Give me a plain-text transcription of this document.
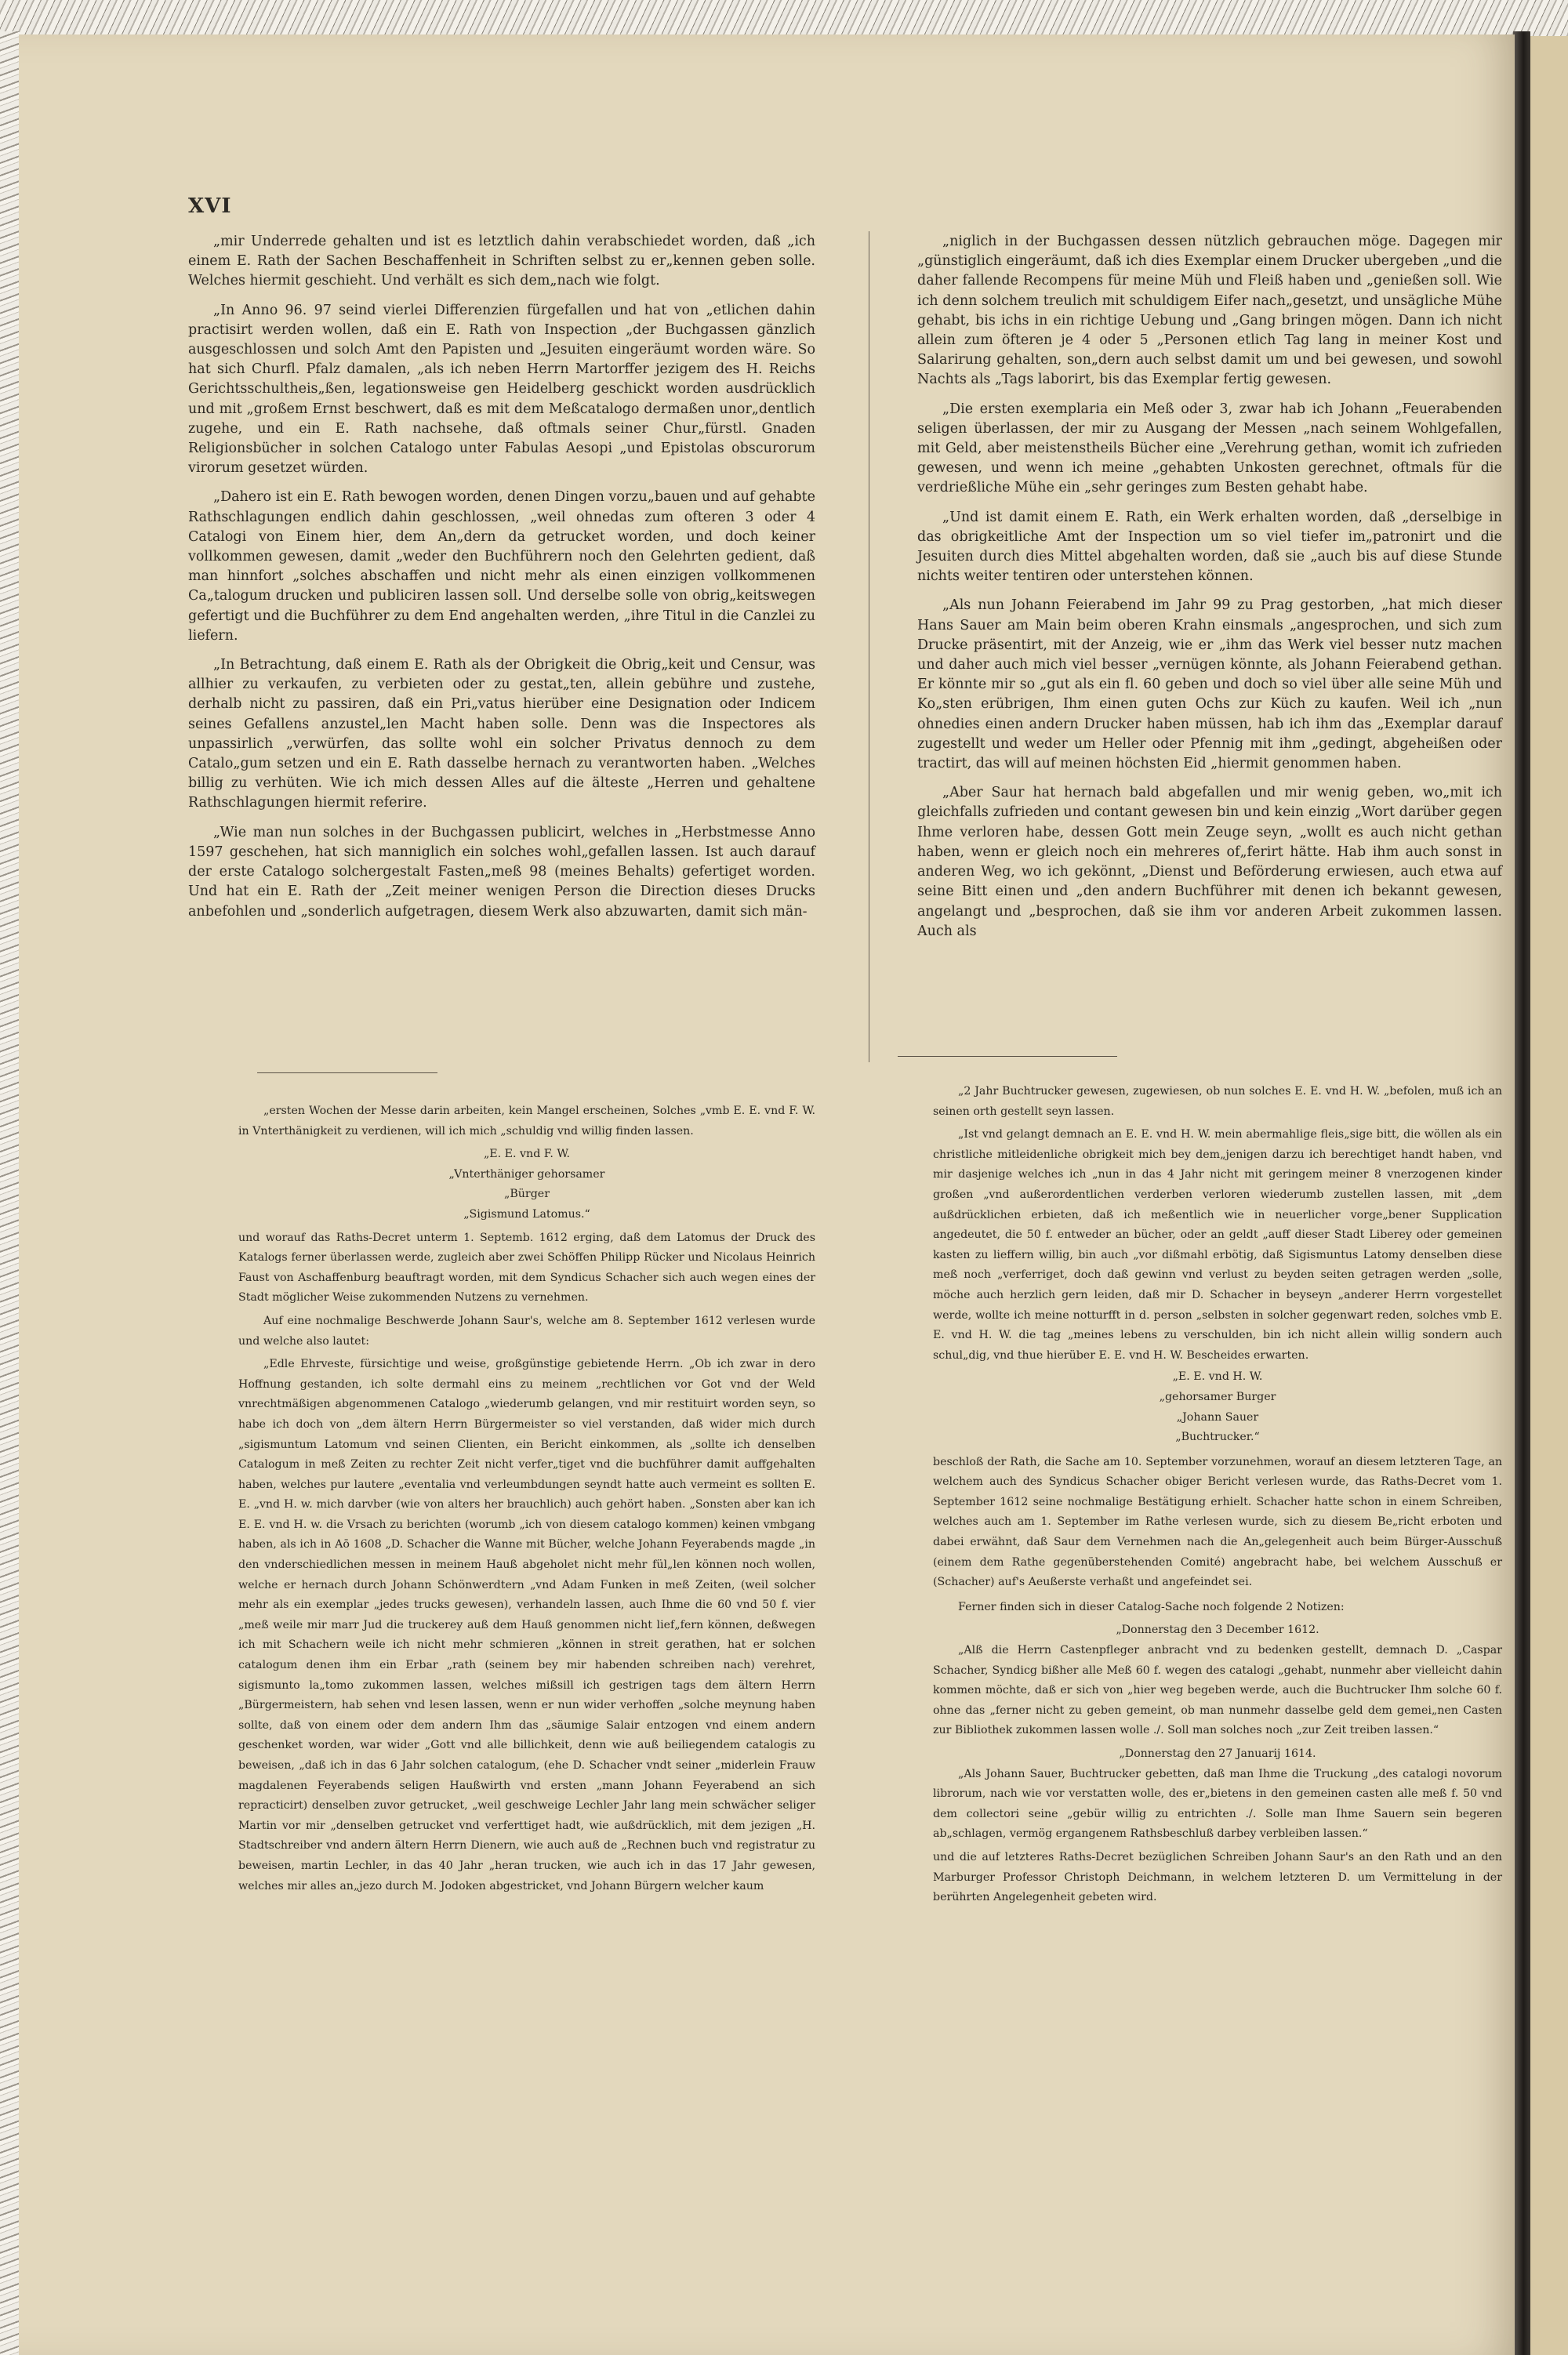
XVI

„mir Underrede gehalten und ist es letztlich dahin verabschiedet worden, daß „ich einem E. Rath der Sachen Beschaffenheit in Schriften selbst zu er„kennen geben solle. Welches hiermit geschieht. Und verhält es sich dem„nach wie folgt.

„In Anno 96. 97 seind vierlei Differenzien fürgefallen und hat von „etlichen dahin practisirt werden wollen, daß ein E. Rath von Inspection „der Buchgassen gänzlich ausgeschlossen und solch Amt den Papisten und „Jesuiten eingeräumt worden wäre. So hat sich Churfl. Pfalz damalen, „als ich neben Herrn Martorffer jezigem des H. Reichs Gerichtsschultheis„ßen, legationsweise gen Heidelberg geschickt worden ausdrücklich und mit „großem Ernst beschwert, daß es mit dem Meßcatalogo dermaßen unor„dentlich zugehe, und ein E. Rath nachsehe, daß oftmals seiner Chur„fürstl. Gnaden Religionsbücher in solchen Catalogo unter Fabulas Aesopi „und Epistolas obscurorum virorum gesetzet würden.

„Dahero ist ein E. Rath bewogen worden, denen Dingen vorzu„bauen und auf gehabte Rathschlagungen endlich dahin geschlossen, „weil ohnedas zum ofteren 3 oder 4 Catalogi von Einem hier, dem An„dern da getrucket worden, und doch keiner vollkommen gewesen, damit „weder den Buchführern noch den Gelehrten gedient, daß man hinnfort „solches abschaffen und nicht mehr als einen einzigen vollkommenen Ca„talogum drucken und publiciren lassen soll. Und derselbe solle von obrig„keitswegen gefertigt und die Buchführer zu dem End angehalten werden, „ihre Titul in die Canzlei zu liefern.

„In Betrachtung, daß einem E. Rath als der Obrigkeit die Obrig„keit und Censur, was allhier zu verkaufen, zu verbieten oder zu gestat„ten, allein gebühre und zustehe, derhalb nicht zu passiren, daß ein Pri„vatus hierüber eine Designation oder Indicem seines Gefallens anzustel„len Macht haben solle. Denn was die Inspectores als unpassirlich „verwürfen, das sollte wohl ein solcher Privatus dennoch zu dem Catalo„gum setzen und ein E. Rath dasselbe hernach zu verantworten haben. „Welches billig zu verhüten. Wie ich mich dessen Alles auf die älteste „Herren und gehaltene Rathschlagungen hiermit referire.

„Wie man nun solches in der Buchgassen publicirt, welches in „Herbstmesse Anno 1597 geschehen, hat sich manniglich ein solches wohl„gefallen lassen. Ist auch darauf der erste Catalogo solchergestalt Fasten„meß 98 (meines Behalts) gefertiget worden. Und hat ein E. Rath der „Zeit meiner wenigen Person die Direction dieses Drucks anbefohlen und „sonderlich aufgetragen, diesem Werk also abzuwarten, damit sich män-

„niglich in der Buchgassen dessen nützlich gebrauchen möge. Dagegen mir „günstiglich eingeräumt, daß ich dies Exemplar einem Drucker ubergeben „und die daher fallende Recompens für meine Müh und Fleiß haben und „genießen soll. Wie ich denn solchem treulich mit schuldigem Eifer nach„gesetzt, und unsägliche Mühe gehabt, bis ichs in ein richtige Uebung und „Gang bringen mögen. Dann ich nicht allein zum öfteren je 4 oder 5 „Personen etlich Tag lang in meiner Kost und Salarirung gehalten, son„dern auch selbst damit um und bei gewesen, und sowohl Nachts als „Tags laborirt, bis das Exemplar fertig gewesen.

„Die ersten exemplaria ein Meß oder 3, zwar hab ich Johann „Feuerabenden seligen überlassen, der mir zu Ausgang der Messen „nach seinem Wohlgefallen, mit Geld, aber meistenstheils Bücher eine „Verehrung gethan, womit ich zufrieden gewesen, und wenn ich meine „gehabten Unkosten gerechnet, oftmals für die verdrießliche Mühe ein „sehr geringes zum Besten gehabt habe.

„Und ist damit einem E. Rath, ein Werk erhalten worden, daß „derselbige in das obrigkeitliche Amt der Inspection um so viel tiefer im„patronirt und die Jesuiten durch dies Mittel abgehalten worden, daß sie „auch bis auf diese Stunde nichts weiter tentiren oder unterstehen können.

„Als nun Johann Feierabend im Jahr 99 zu Prag gestorben, „hat mich dieser Hans Sauer am Main beim oberen Krahn einsmals „angesprochen, und sich zum Drucke präsentirt, mit der Anzeig, wie er „ihm das Werk viel besser nutz machen und daher auch mich viel besser „vernügen könnte, als Johann Feierabend gethan. Er könnte mir so „gut als ein fl. 60 geben und doch so viel über alle seine Müh und Ko„sten erübrigen, Ihm einen guten Ochs zur Küch zu kaufen. Weil ich „nun ohnedies einen andern Drucker haben müssen, hab ich ihm das „Exemplar darauf zugestellt und weder um Heller oder Pfennig mit ihm „gedingt, abgeheißen oder tractirt, das will auf meinen höchsten Eid „hiermit genommen haben.

„Aber Saur hat hernach bald abgefallen und mir wenig geben, wo„mit ich gleichfalls zufrieden und contant gewesen bin und kein einzig „Wort darüber gegen Ihme verloren habe, dessen Gott mein Zeuge seyn, „wollt es auch nicht gethan haben, wenn er gleich noch ein mehreres of„ferirt hätte. Hab ihm auch sonst in anderen Weg, wo ich gekönnt, „Dienst und Beförderung erwiesen, auch etwa auf seine Bitt einen und „den andern Buchführer mit denen ich bekannt gewesen, angelangt und „besprochen, daß sie ihm vor anderen Arbeit zukommen lassen. Auch als

„ersten Wochen der Messe darin arbeiten, kein Mangel erscheinen, Solches „vmb E. E. vnd F. W. in Vnterthänigkeit zu verdienen, will ich mich „schuldig vnd willig finden lassen.

„E. E. vnd F. W.

„Vnterthäniger gehorsamer

„Bürger

„Sigismund Latomus.“

und worauf das Raths-Decret unterm 1. Septemb. 1612 erging, daß dem Latomus der Druck des Katalogs ferner überlassen werde, zugleich aber zwei Schöffen Philipp Rücker und Nicolaus Heinrich Faust von Aschaffenburg beauftragt worden, mit dem Syndicus Schacher sich auch wegen eines der Stadt möglicher Weise zukommenden Nutzens zu vernehmen.

Auf eine nochmalige Beschwerde Johann Saur's, welche am 8. September 1612 verlesen wurde und welche also lautet:

„Edle Ehrveste, fürsichtige und weise, großgünstige gebietende Herrn. „Ob ich zwar in dero Hoffnung gestanden, ich solte dermahl eins zu meinem „rechtlichen vor Got vnd der Weld vnrechtmäßigen abgenommenen Catalogo „wiederumb gelangen, vnd mir restituirt worden seyn, so habe ich doch von „dem ältern Herrn Bürgermeister so viel verstanden, daß wider mich durch „sigismuntum Latomum vnd seinen Clienten, ein Bericht einkommen, als „sollte ich denselben Catalogum in meß Zeiten zu rechter Zeit nicht verfer„tiget vnd die buchführer damit auffgehalten haben, welches pur lautere „eventalia vnd verleumbdungen seyndt hatte auch vermeint es sollten E. E. „vnd H. w. mich darvber (wie von alters her brauchlich) auch gehört haben. „Sonsten aber kan ich E. E. vnd H. w. die Vrsach zu berichten (worumb „ich von diesem catalogo kommen) keinen vmbgang haben, als ich in Aō 1608 „D. Schacher die Wanne mit Bücher, welche Johann Feyerabends magde „in den vnderschiedlichen messen in meinem Hauß abgeholet nicht mehr fül„len können noch wollen, welche er hernach durch Johann Schönwerdtern „vnd Adam Funken in meß Zeiten, (weil solcher mehr als ein exemplar „jedes trucks gewesen), verhandeln lassen, auch Ihme die 60 vnd 50 f. vier „meß weile mir marr Jud die truckerey auß dem Hauß genommen nicht lief„fern können, deßwegen ich mit Schachern weile ich nicht mehr schmieren „können in streit gerathen, hat er solchen catalogum denen ihm ein Erbar „rath (seinem bey mir habenden schreiben nach) verehret, sigismunto la„tomo zukommen lassen, welches mißsill ich gestrigen tags dem ältern Herrn „Bürgermeistern, hab sehen vnd lesen lassen, wenn er nun wider verhoffen „solche meynung haben sollte, daß von einem oder dem andern Ihm das „säumige Salair entzogen vnd einem andern geschenket worden, war wider „Gott vnd alle billichkeit, denn wie auß beiliegendem catalogis zu beweisen, „daß ich in das 6 Jahr solchen catalogum, (ehe D. Schacher vndt seiner „miderlein Frauw magdalenen Feyerabends seligen Haußwirth vnd ersten „mann Johann Feyerabend an sich repracticirt) denselben zuvor getrucket, „weil geschweige Lechler Jahr lang mein schwächer seliger Martin vor mir „denselben getrucket vnd verferttiget hadt, wie außdrücklich, mit dem jezigen „H. Stadtschreiber vnd andern ältern Herrn Dienern, wie auch auß de „Rechnen buch vnd registratur zu beweisen, martin Lechler, in das 40 Jahr „heran trucken, wie auch ich in das 17 Jahr gewesen, welches mir alles an„jezo durch M. Jodoken abgestricket, vnd Johann Bürgern welcher kaum

„2 Jahr Buchtrucker gewesen, zugewiesen, ob nun solches E. E. vnd H. W. „befolen, muß ich an seinen orth gestellt seyn lassen.

„Ist vnd gelangt demnach an E. E. vnd H. W. mein abermahlige fleis„sige bitt, die wöllen als ein christliche mitleidenliche obrigkeit mich bey dem„jenigen darzu ich berechtiget handt haben, vnd mir dasjenige welches ich „nun in das 4 Jahr nicht mit geringem meiner 8 vnerzogenen kinder großen „vnd außerordentlichen verderben verloren wiederumb zustellen lassen, mit „dem außdrücklichen erbieten, daß ich meßentlich wie in neuerlicher vorge„bener Supplication angedeutet, die 50 f. entweder an bücher, oder an geldt „auff dieser Stadt Liberey oder gemeinen kasten zu lieffern willig, bin auch „vor dißmahl erbötig, daß Sigismuntus Latomy denselben diese meß noch „verferriget, doch daß gewinn vnd verlust zu beyden seiten getragen werden „solle, möche auch herzlich gern leiden, daß mir D. Schacher in beyseyn „anderer Herrn vorgestellet werde, wollte ich meine notturfft in d. person „selbsten in solcher gegenwart reden, solches vmb E. E. vnd H. W. die tag „meines lebens zu verschulden, bin ich nicht allein willig sondern auch schul„dig, vnd thue hierüber E. E. vnd H. W. Bescheides erwarten.

„E. E. vnd H. W.

„gehorsamer Burger

„Johann Sauer

„Buchtrucker.“

beschloß der Rath, die Sache am 10. September vorzunehmen, worauf an diesem letzteren Tage, an welchem auch des Syndicus Schacher obiger Bericht verlesen wurde, das Raths-Decret vom 1. September 1612 seine nochmalige Bestätigung erhielt. Schacher hatte schon in einem Schreiben, welches auch am 1. September im Rathe verlesen wurde, sich zu diesem Be„richt erboten und dabei erwähnt, daß Saur dem Vernehmen nach die An„gelegenheit auch beim Bürger-Ausschuß (einem dem Rathe gegenüberstehenden Comité) angebracht habe, bei welchem Ausschuß er (Schacher) auf's Aeußerste verhaßt und angefeindet sei.

Ferner finden sich in dieser Catalog-Sache noch folgende 2 Notizen:

„Donnerstag den 3 December 1612.

„Alß die Herrn Castenpfleger anbracht vnd zu bedenken gestellt, demnach D. „Caspar Schacher, Syndicg bißher alle Meß 60 f. wegen des catalogi „gehabt, nunmehr aber vielleicht dahin kommen möchte, daß er sich von „hier weg begeben werde, auch die Buchtrucker Ihm solche 60 f. ohne das „ferner nicht zu geben gemeint, ob man nunmehr dasselbe geld dem gemei„nen Casten zur Bibliothek zukommen lassen wolle ./. Soll man solches noch „zur Zeit treiben lassen.“

„Donnerstag den 27 Januarij 1614.

„Als Johann Sauer, Buchtrucker gebetten, daß man Ihme die Truckung „des catalogi novorum librorum, nach wie vor verstatten wolle, des er„bietens in den gemeinen casten alle meß f. 50 vnd dem collectori seine „gebür willig zu entrichten ./. Solle man Ihme Sauern sein begeren ab„schlagen, vermög ergangenem Rathsbeschluß darbey verbleiben lassen.“

und die auf letzteres Raths-Decret bezüglichen Schreiben Johann Saur's an den Rath und an den Marburger Professor Christoph Deichmann, in welchem letzteren D. um Vermittelung in der berührten Angelegenheit gebeten wird.
